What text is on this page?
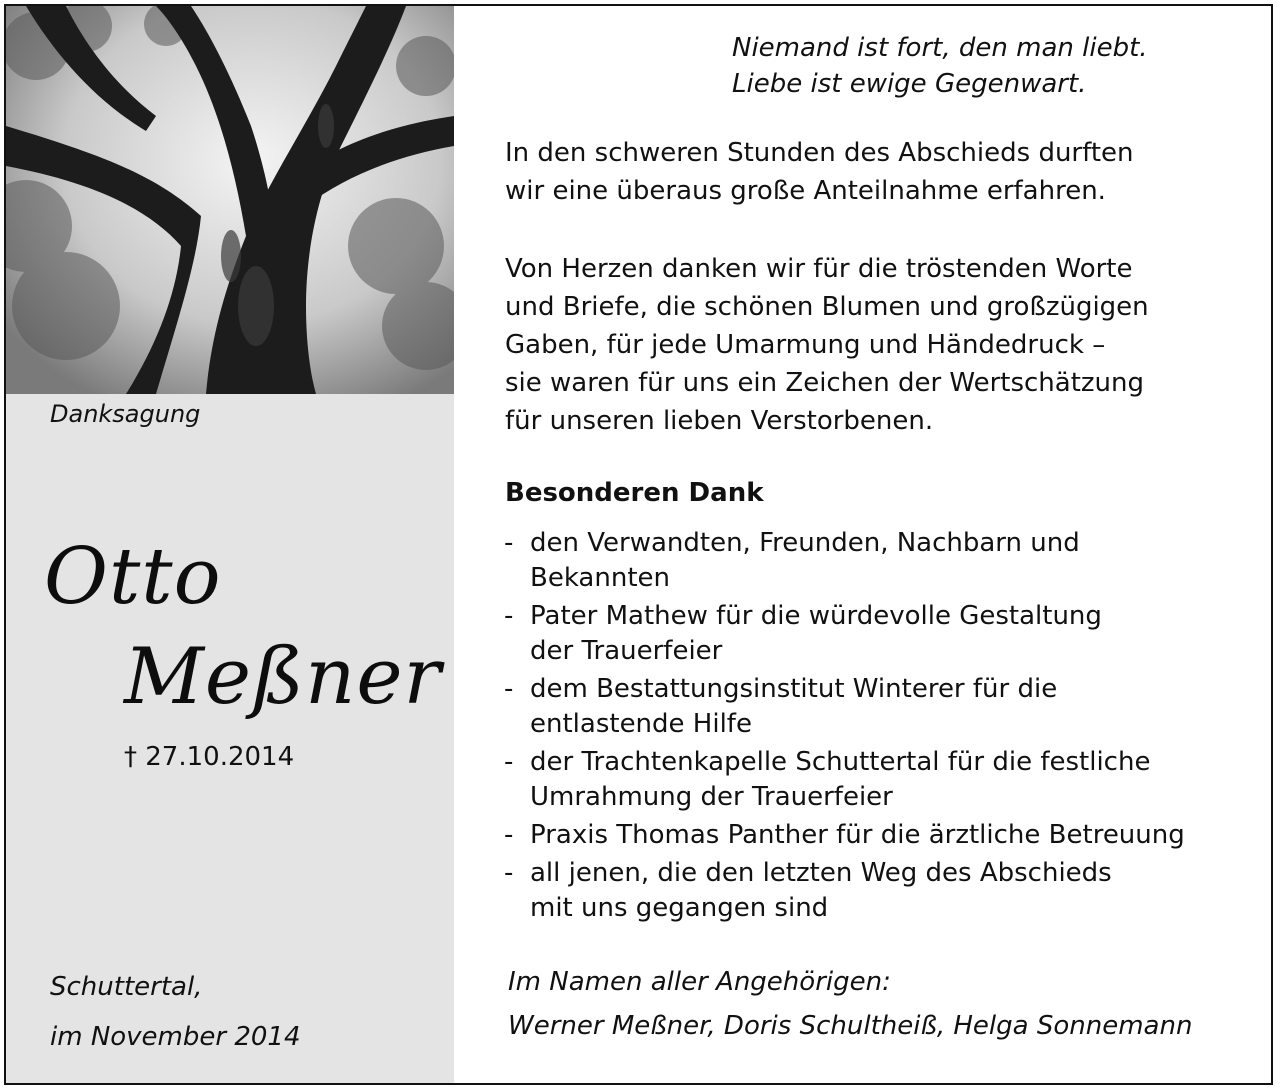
Danksagung
Otto
Meßner
† 27.10.2014
Schuttertal,
im November 2014
Niemand ist fort, den man liebt.
Liebe ist ewige Gegenwart.
In den schweren Stunden des Abschieds durften
wir eine überaus große Anteilnahme erfahren.
Von Herzen danken wir für die tröstenden Worte
und Briefe, die schönen Blumen und großzügigen
Gaben, für jede Umarmung und Händedruck –
sie waren für uns ein Zeichen der Wertschätzung
für unseren lieben Verstorbenen.
Besonderen Dank
- den Verwandten, Freunden, Nachbarn und
Bekannten
- Pater Mathew für die würdevolle Gestaltung
der Trauerfeier
- dem Bestattungsinstitut Winterer für die
entlastende Hilfe
- der Trachtenkapelle Schuttertal für die festliche
Umrahmung der Trauerfeier
- Praxis Thomas Panther für die ärztliche Betreuung
- all jenen, die den letzten Weg des Abschieds
mit uns gegangen sind
Im Namen aller Angehörigen:
Werner Meßner, Doris Schultheiß, Helga Sonnemann
